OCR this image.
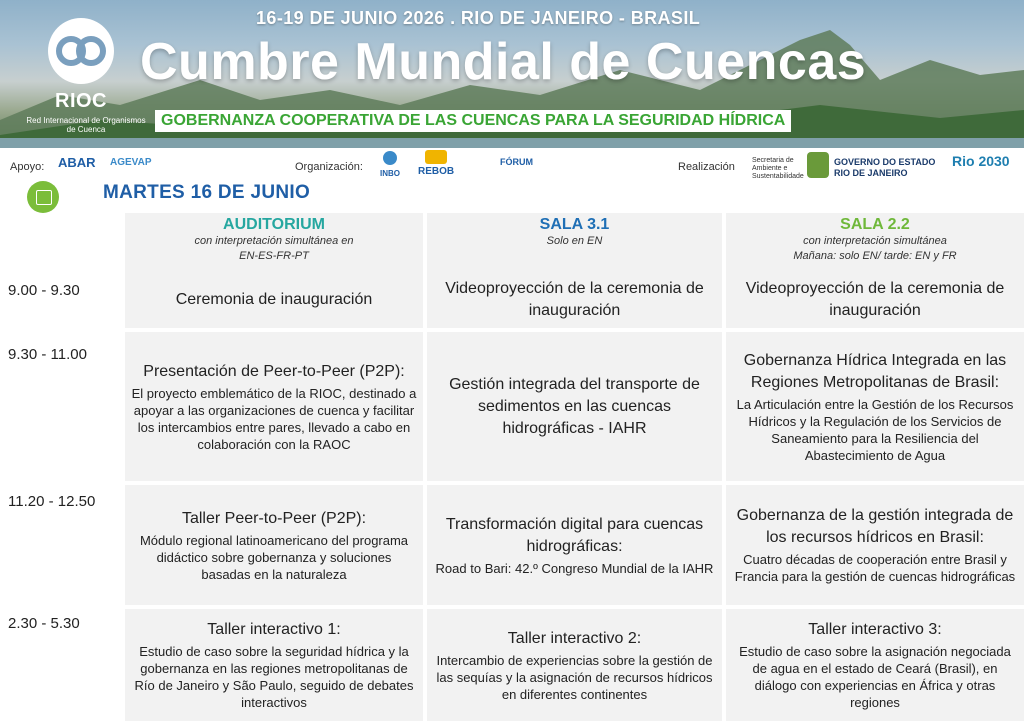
RIOC
Red Internacional de Organismos de Cuenca
16-19 DE JUNIO 2026 . RIO DE JANEIRO - BRASIL
Cumbre Mundial de Cuencas
GOBERNANZA COOPERATIVA DE LAS CUENCAS PARA LA SEGURIDAD HÍDRICA
Apoyo: ABAR AGEVAP	Organización:
INBO REBOB
FÓRUM	Realización
Secretaria de Ambiente e Sustentabilidade
GOVERNO DO ESTADO RIO DE JANEIRO
Rio 2030
MARTES 16 DE JUNIO
AUDITORIUM
con interpretación simultánea en
EN-ES-FR-PT
SALA 3.1
Solo en EN
SALA 2.2
con interpretación simultánea
Mañana: solo EN/ tarde: EN y FR
9.00 - 9.30
9.30 - 11.00
11.20 - 12.50
2.30 - 5.30
Ceremonia de inauguración
Videoproyección de la ceremonia de inauguración
Videoproyección de la ceremonia de inauguración
Presentación de Peer-to-Peer (P2P):
El proyecto emblemático de la RIOC, destinado a apoyar a las organizaciones de cuenca y facilitar los intercambios entre pares, llevado a cabo en colaboración con la RAOC
Gestión integrada del transporte de sedimentos en las cuencas hidrográficas - IAHR
Gobernanza Hídrica Integrada en las Regiones Metropolitanas de Brasil:
La Articulación entre la Gestión de los Recursos Hídricos y la Regulación de los Servicios de Saneamiento para la Resiliencia del Abastecimiento de Agua
Taller Peer-to-Peer (P2P):
Módulo regional latinoamericano del programa didáctico sobre gobernanza y soluciones basadas en la naturaleza
Transformación digital para cuencas hidrográficas:
Road to Bari: 42.º Congreso Mundial de la IAHR
Gobernanza de la gestión integrada de los recursos hídricos en Brasil:
Cuatro décadas de cooperación entre Brasil y Francia para la gestión de cuencas hidrográficas
Taller interactivo 1:
Estudio de caso sobre la seguridad hídrica y la gobernanza en las regiones metropolitanas de Río de Janeiro y São Paulo, seguido de debates interactivos
Taller interactivo 2:
Intercambio de experiencias sobre la gestión de las sequías y la asignación de recursos hídricos en diferentes continentes
Taller interactivo 3:
Estudio de caso sobre la asignación negociada de agua en el estado de Ceará (Brasil), en diálogo con experiencias en África y otras regiones
